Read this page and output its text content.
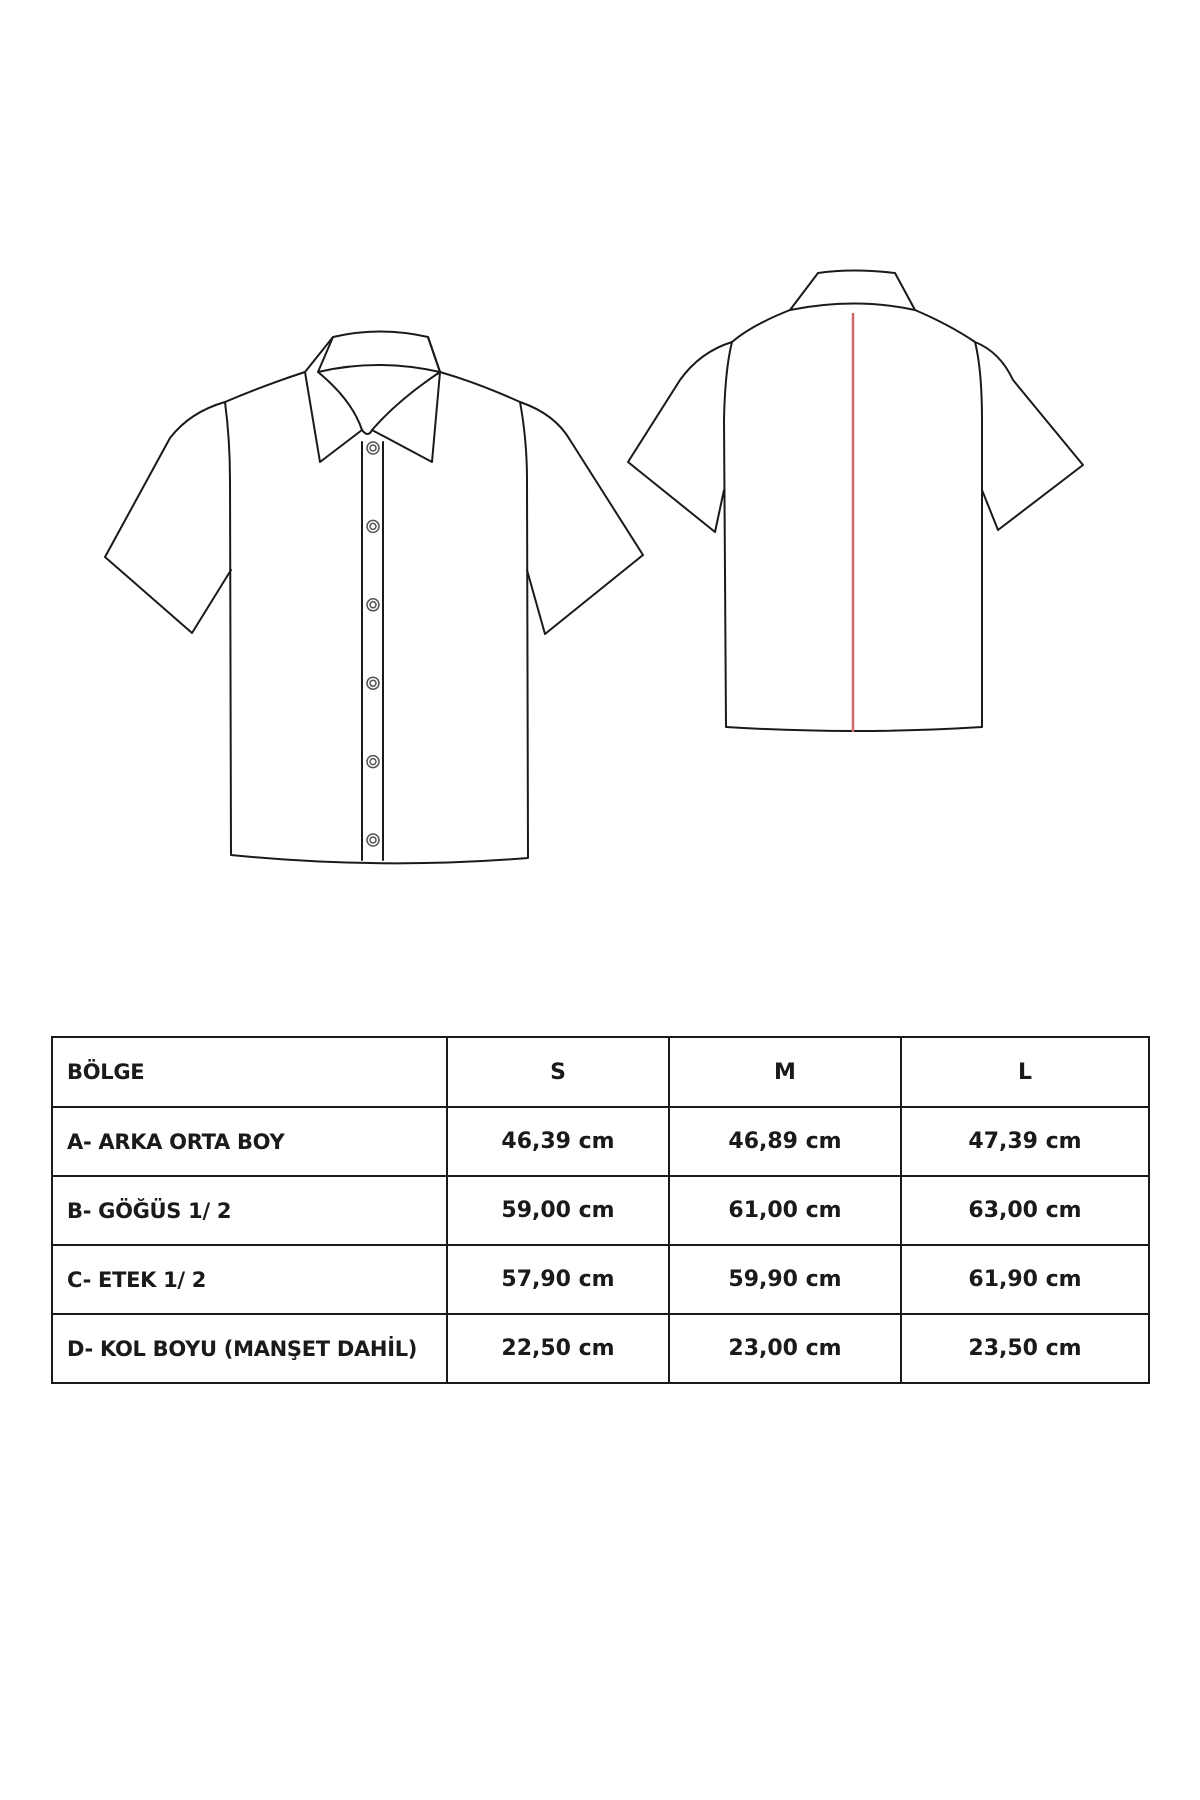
BÖLGE	S	M	L
A- ARKA ORTA BOY	46,39 cm	46,89 cm	47,39 cm
B- GÖĞÜS 1/ 2	59,00 cm	61,00 cm	63,00 cm
C- ETEK 1/ 2	57,90 cm	59,90 cm	61,90 cm
D- KOL BOYU (MANŞET DAHİL)	22,50 cm	23,00 cm	23,50 cm
